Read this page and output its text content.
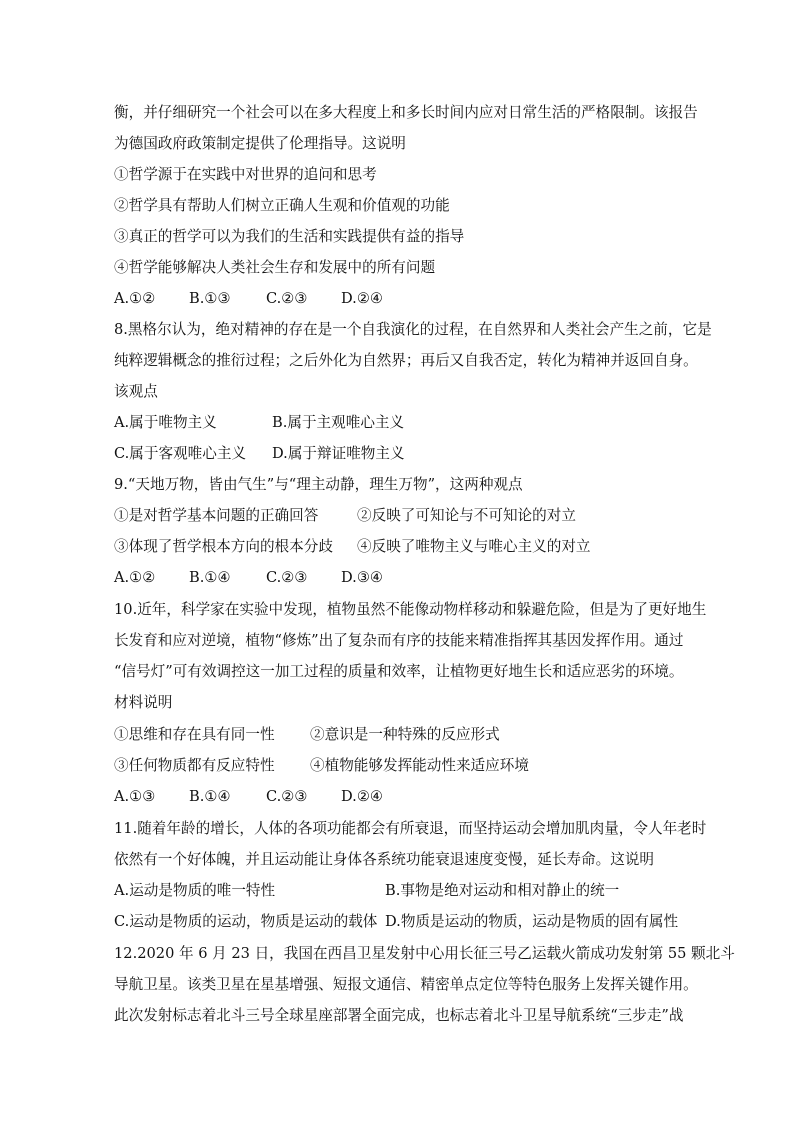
衡，并仔细研究一个社会可以在多大程度上和多长时间内应对日常生活的严格限制。该报告
为德国政府政策制定提供了伦理指导。这说明
①哲学源于在实践中对世界的追问和思考
②哲学具有帮助人们树立正确人生观和价值观的功能
③真正的哲学可以为我们的生活和实践提供有益的指导
④哲学能够解决人类社会生存和发展中的所有问题
A.①② B.①③ C.②③ D.②④
8.黑格尔认为，绝对精神的存在是一个自我演化的过程，在自然界和人类社会产生之前，它是
纯粹逻辑概念的推衍过程；之后外化为自然界；再后又自我否定，转化为精神并返回自身。
该观点
A.属于唯物主义	B.属于主观唯心主义
C.属于客观唯心主义 D.属于辩证唯物主义
9.“天地万物，皆由气生”与“理主动静，理生万物”，这两种观点
①是对哲学基本问题的正确回答	②反映了可知论与不可知论的对立
③体现了哲学根本方向的根本分歧 ④反映了唯物主义与唯心主义的对立
A.①② B.①④ C.②③ D.③④
10.近年，科学家在实验中发现，植物虽然不能像动物样移动和躲避危险，但是为了更好地生
长发育和应对逆境，植物“修炼”出了复杂而有序的技能来精准指挥其基因发挥作用。通过
“信号灯”可有效调控这一加工过程的质量和效率，让植物更好地生长和适应恶劣的环境。
材料说明
①思维和存在具有同一性 ②意识是一种特殊的反应形式
③任何物质都有反应特性 ④植物能够发挥能动性来适应环境
A.①③ B.①④ C.②③ D.②④
11.随着年龄的增长，人体的各项功能都会有所衰退，而坚持运动会增加肌肉量，令人年老时
依然有一个好体魄，并且运动能让身体各系统功能衰退速度变慢，延长寿命。这说明
A.运动是物质的唯一特性	B.事物是绝对运动和相对静止的统一
C.运动是物质的运动，物质是运动的载体 D.物质是运动的物质，运动是物质的固有属性
12.2020 年 6 月 23 日，我国在西昌卫星发射中心用长征三号乙运载火箭成功发射第 55 颗北斗
导航卫星。该类卫星在星基增强、短报文通信、精密单点定位等特色服务上发挥关键作用。
此次发射标志着北斗三号全球星座部署全面完成，也标志着北斗卫星导航系统“三步走”战
